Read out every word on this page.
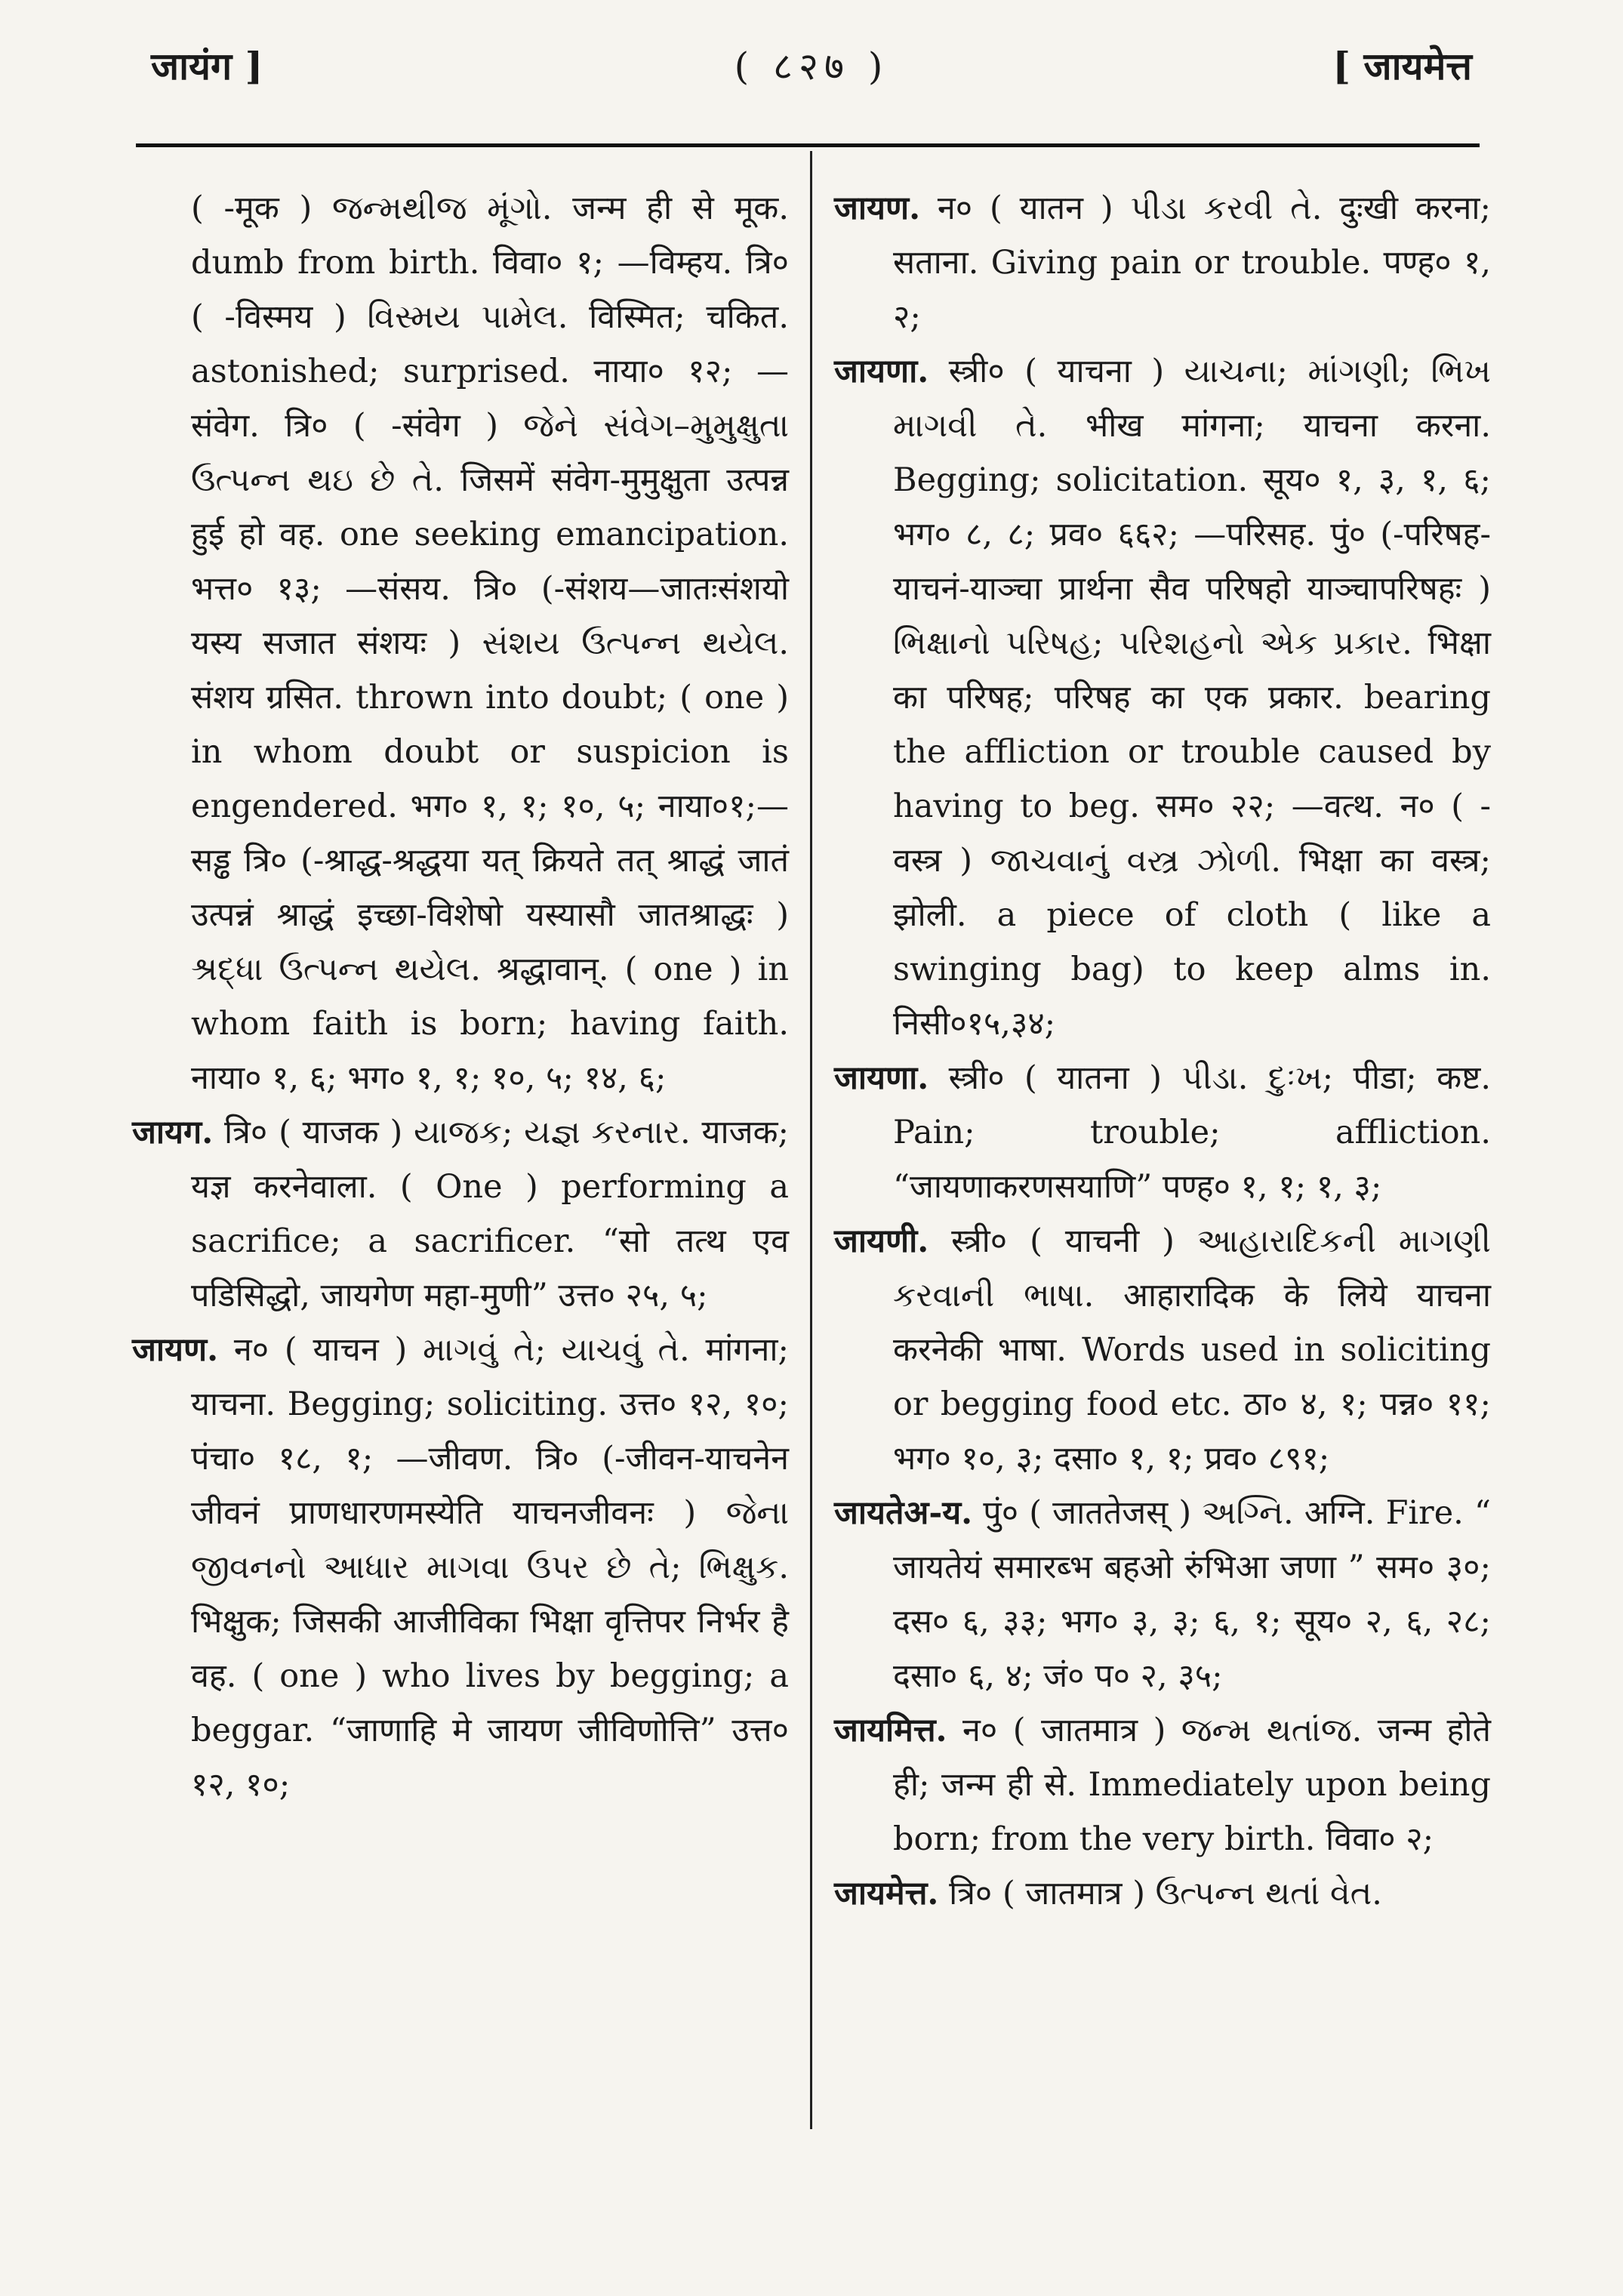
जायंग ]	( ८२७ )	[ जायमेत्त

( -मूक ) જન્મથીજ મૂંગો. जन्म ही से मूक. dumb from birth. विवा० १; —विम्हय. त्रि० ( -विस्मय ) વિસ્મય પામેલ. विस्मित; चकित. astonished; surprised. नाया० १२; —संवेग. त्रि० ( -संवेग ) જેને સંવેગ–મુમુક્ષુતા ઉત્પન્ન થઇ છે તે. जिसमें संवेग-मुमुक्षुता उत्पन्न हुई हो वह. one seeking emancipation. भत्त० १३; —संसय. त्रि० (-संशय—जातःसंशयो यस्य सजात संशयः ) સંશય ઉત્પન્ન થયેલ. संशय ग्रसित. thrown into doubt; ( one ) in whom doubt or suspicion is engendered. भग० १, १; १०, ५; नाया०१;—सड्ढ त्रि० (-श्राद्ध-श्रद्धया यत् क्रियते तत् श्राद्धं जातं उत्पन्नं श्राद्धं इच्छा-विशेषो यस्यासौ जातश्राद्धः ) શ્રદ્ધા ઉત્પન્ન થયેલ. श्रद्धावान्. ( one ) in whom faith is born; having faith. नाया० १, ६; भग० १, १; १०, ५; १४, ६;

जायग. त्रि० ( याजक ) યાજક; યજ્ઞ કરનાર. याजक; यज्ञ करनेवाला. ( One ) performing a sacrifice; a sacrificer. “सो तत्थ एव पडिसिद्धो, जायगेण महा-मुणी” उत्त० २५, ५;

जायण. न० ( याचन ) માગવું તે; યાચવું તે. मांगना; याचना. Begging; soliciting. उत्त० १२, १०; पंचा० १८, १; —जीवण. त्रि० (-जीवन-याचनेन जीवनं प्राणधारणमस्येति याचनजीवनः ) જેના જીવનનો આધાર માગવા ઉપર છે તે; ભિક્ષુક. भिक्षुक; जिसकी आजीविका भिक्षा वृत्तिपर निर्भर है वह. ( one ) who lives by begging; a beggar. “जाणाहि मे जायण जीविणोत्ति” उत्त० १२, १०;

जायण. न० ( यातन ) પીડા કરવી તે. दुःखी करना; सताना. Giving pain or trouble. पण्ह० १, २;

जायणा. स्त्री० ( याचना ) યાચના; માંગણી; ભિખ માગવી તે. भीख मांगना; याचना करना. Begging; solicitation. सूय० १, ३, १, ६; भग० ८, ८; प्रव० ६६२; —परिसह. पुं० (-परिषह-याचनं-याञ्चा प्रार्थना सैव परिषहो याञ्चापरिषहः ) ભિક્ષાનો પરિષહ; પરિશહનો એક પ્રકાર. भिक्षा का परिषह; परिषह का एक प्रकार. bearing the affliction or trouble caused by having to beg. सम० २२; —वत्थ. न० ( -वस्त्र ) જાચવાનું વસ્ત્ર ઝોળી. भिक्षा का वस्त्र; झोली. a piece of cloth ( like a swinging bag) to keep alms in. निसी०१५,३४;

जायणा. स्त्री० ( यातना ) પીડા. દુઃખ; पीडा; कष्ट. Pain; trouble; affliction. “जायणाकरणसयाणि” पण्ह० १, १; १, ३;

जायणी. स्त्री० ( याचनी ) આહારાદિકની માગણી કરવાની ભાષા. आहारादिक के लिये याचना करनेकी भाषा. Words used in soliciting or begging food etc. ठा० ४, १; पन्न० ११; भग० १०, ३; दसा० १, १; प्रव० ८९१;

जायतेअ-य. पुं० ( जाततेजस् ) અગ્નિ. अग्नि. Fire. “ जायतेयं समारब्भ बहओ रुंभिआ जणा ” सम० ३०; दस० ६, ३३; भग० ३, ३; ६, १; सूय० २, ६, २८; दसा० ६, ४; जं० प० २, ३५;

जायमित्त. न० ( जातमात्र ) જન્મ થતાંજ. जन्म होते ही; जन्म ही से. Immediately upon being born; from the very birth. विवा० २;

जायमेत्त. त्रि० ( जातमात्र ) ઉત્પન્ન થતાં વેત.
